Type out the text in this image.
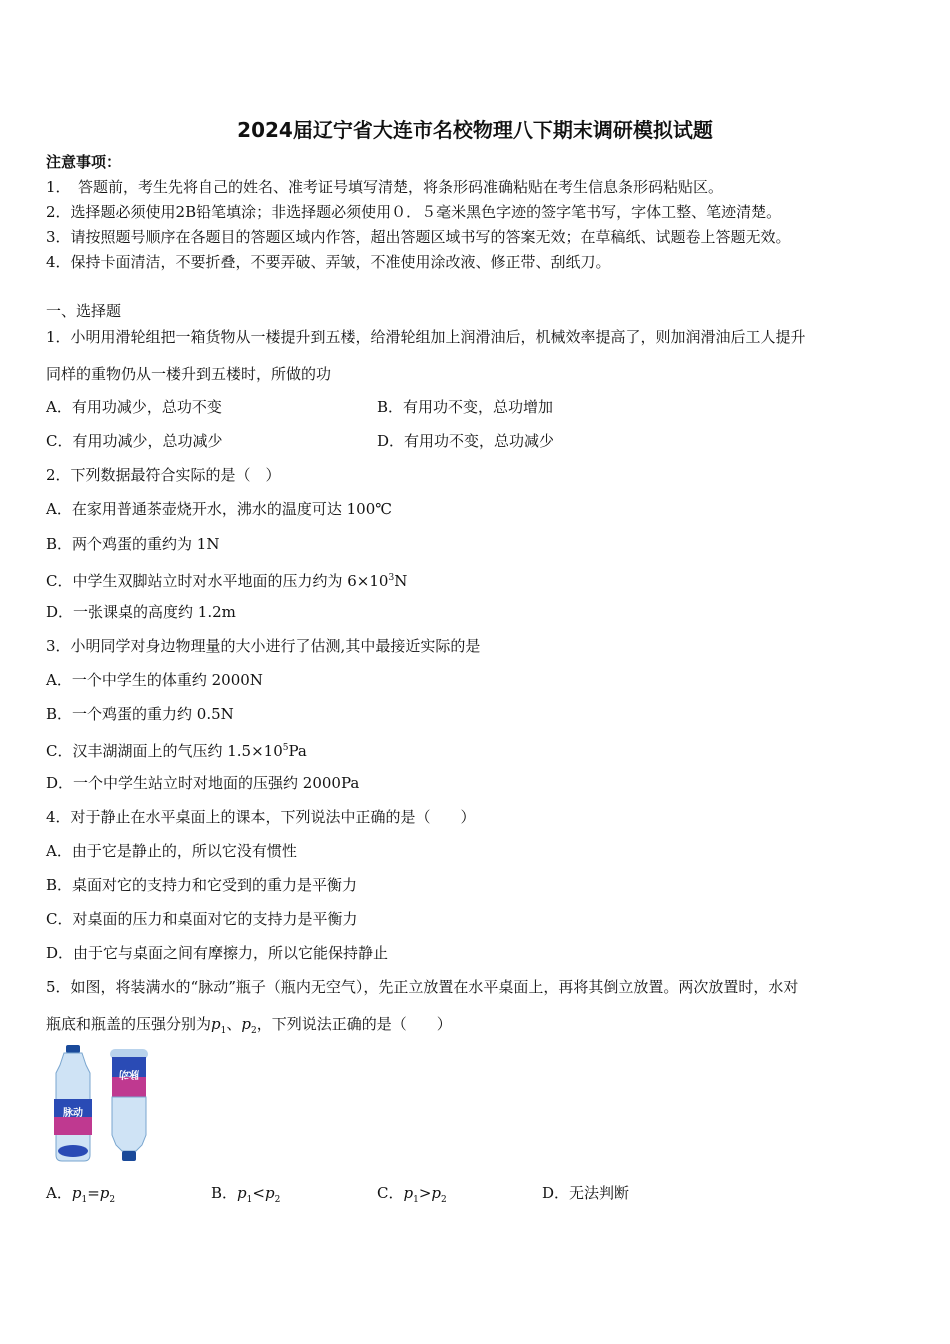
2024届辽宁省大连市名校物理八下期末调研模拟试题
注意事项：
1．　答题前，考生先将自己的姓名、准考证号填写清楚，将条形码准确粘贴在考生信息条形码粘贴区。
2．选择题必须使用2B铅笔填涂；非选择题必须使用０．５毫米黑色字迹的签字笔书写，字体工整、笔迹清楚。
3．请按照题号顺序在各题目的答题区域内作答，超出答题区域书写的答案无效；在草稿纸、试题卷上答题无效。
4．保持卡面清洁，不要折叠，不要弄破、弄皱，不准使用涂改液、修正带、刮纸刀。
一、选择题
1．小明用滑轮组把一箱货物从一楼提升到五楼，给滑轮组加上润滑油后，机械效率提高了，则加润滑油后工人提升
同样的重物仍从一楼升到五楼时，所做的功
A．有用功减少，总功不变	B．有用功不变，总功增加
C．有用功减少，总功减少	D．有用功不变，总功减少
2．下列数据最符合实际的是（　）
A．在家用普通茶壶烧开水，沸水的温度可达 100℃
B．两个鸡蛋的重约为 1N
C．中学生双脚站立时对水平地面的压力约为 $6\times 10^3N$
D．一张课桌的高度约 1.2m
3．小明同学对身边物理量的大小进行了估测,其中最接近实际的是
A．一个中学生的体重约 2000N
B．一个鸡蛋的重力约 0.5N
C．汉丰湖湖面上的气压约 $1.5\times 10^5Pa$
D．一个中学生站立时对地面的压强约 2000Pa
4．对于静止在水平桌面上的课本，下列说法中正确的是（　　）
A．由于它是静止的，所以它没有惯性
B．桌面对它的支持力和它受到的重力是平衡力
C．对桌面的压力和桌面对它的支持力是平衡力
D．由于它与桌面之间有摩擦力，所以它能保持静止
5．如图，将装满水的“脉动”瓶子（瓶内无空气），先正立放置在水平桌面上，再将其倒立放置。两次放置时，水对
瓶底和瓶盖的压强分别为$p_1$、$p_2$，下列说法正确的是（　　）
脉动
脉动
A．$p_1=p_2$	B．$p_1<p_2$	C．$p_1>p_2$	D．无法判断
